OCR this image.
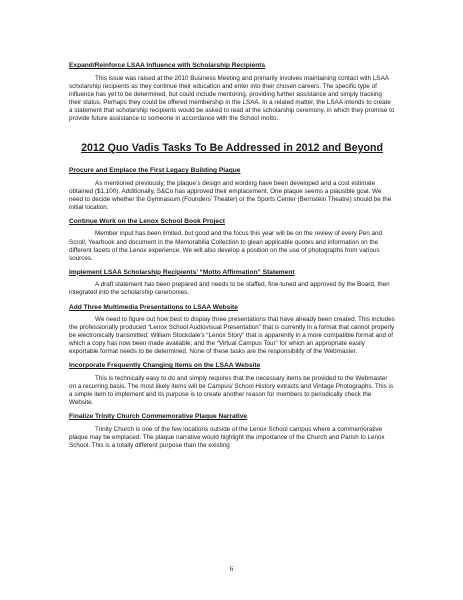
Expand/Reinforce LSAA Influence with Scholarship Recipients

This issue was raised at the 2010 Business Meeting and primarily involves maintaining contact with LSAA scholarship recipients as they continue their education and enter into their chosen careers. The specific type of influence has yet to be determined, but could include mentoring, providing further assistance and simply tracking their status. Perhaps they could be offered membership in the LSAA. In a related matter, the LSAA intends to create a statement that scholarship recipients would be asked to read at the scholarship ceremony, in which they promise to provide future assistance to someone in accordance with the School motto.

2012 Quo Vadis Tasks To Be Addressed in 2012 and Beyond
Procure and Emplace the First Legacy Building Plaque

As mentioned previously, the plaque’s design and wording have been developed and a cost estimate obtained ($1,100). Additionally, S&Co has approved their emplacement. One plaque seems a plausible goal. We need to decide whether the Gymnasium (Founders’ Theater) or the Sports Center (Bernstein Theatre) should be the initial location.

Continue Work on the Lenox School Book Project

Member input has been limited, but good and the focus this year will be on the review of every Pen and Scroll, Yearbook and document in the Memorabilia Collection to glean applicable quotes and information on the different facets of the Lenox experience. We will also develop a position on the use of photographs from various sources.

Implement LSAA Scholarship Recipients’ “Motto Affirmation” Statement

A draft statement has been prepared and needs to be staffed, fine-tuned and approved by the Board, then integrated into the scholarship ceremonies.

Add Three Multimedia Presentations to LSAA Website

We need to figure out how best to display three presentations that have already been created. This includes the professionally produced “Lenox School Audiovisual Presentation” that is currently in a format that cannot properly be electronically transmitted; William Stockdale’s “Lenox Story” that is apparently in a more compatible format and of which a copy has now been made available; and the “Virtual Campus Tour” for which an appropriate easily exportable format needs to be determined. None of these tasks are the responsibility of the Webmaster.

Incorporate Frequently Changing Items on the LSAA Website

This is technically easy to do and simply requires that the necessary items be provided to the Webmaster on a recurring basis. The most likely items will be Campus/ School History extracts and Vintage Photographs. This is a simple item to implement and its purpose is to create another reason for members to periodically check the Website.

Finalize Trinity Church Commemorative Plaque Narrative

Trinity Church is one of the few locations outside of the Lenox School campus where a commemorative plaque may be emplaced. The plaque narrative would highlight the importance of the Church and Parish to Lenox School. This is a totally different purpose than the existing

6
